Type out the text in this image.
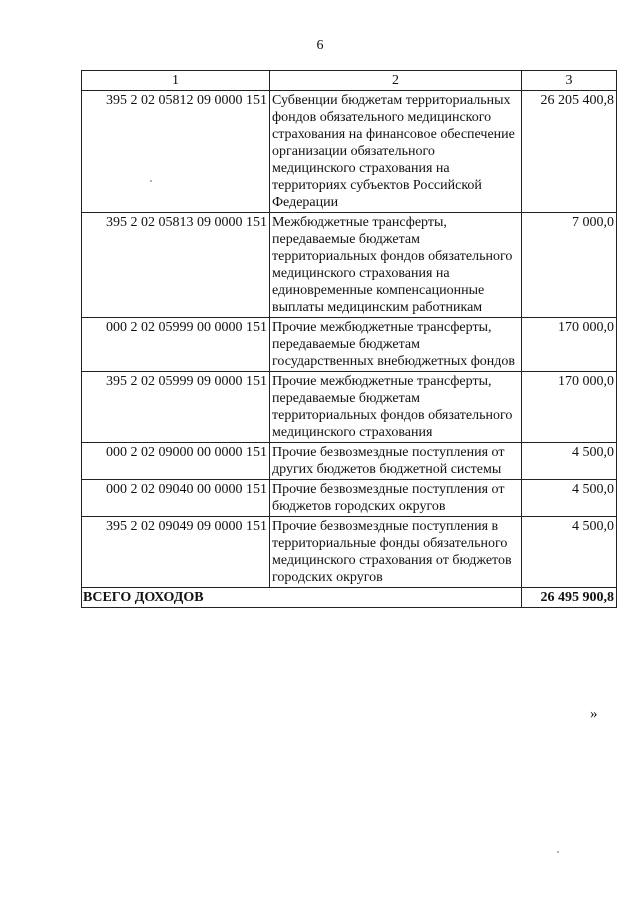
6
1	2	3
395 2 02 05812 09 0000 151	Субвенции бюджетам территориальных фондов обязательного медицинского страхования на финансовое обеспечение организации обязательного медицинского страхования на территориях субъектов Российской Федерации	26 205 400,8
395 2 02 05813 09 0000 151	Межбюджетные трансферты, передаваемые бюджетам территориальных фондов обязательного медицинского страхования на единовременные компенсационные выплаты медицинским работникам	7 000,0
000 2 02 05999 00 0000 151	Прочие межбюджетные трансферты, передаваемые бюджетам государственных внебюджетных фондов	170 000,0
395 2 02 05999 09 0000 151	Прочие межбюджетные трансферты, передаваемые бюджетам территориальных фондов обязательного медицинского страхования	170 000,0
000 2 02 09000 00 0000 151	Прочие безвозмездные поступления от других бюджетов бюджетной системы	4 500,0
000 2 02 09040 00 0000 151	Прочие безвозмездные поступления от бюджетов городских округов	4 500,0
395 2 02 09049 09 0000 151	Прочие безвозмездные поступления в территориальные фонды обязательного медицинского страхования от бюджетов городских округов	4 500,0
ВСЕГО ДОХОДОВ		26 495 900,8
»
